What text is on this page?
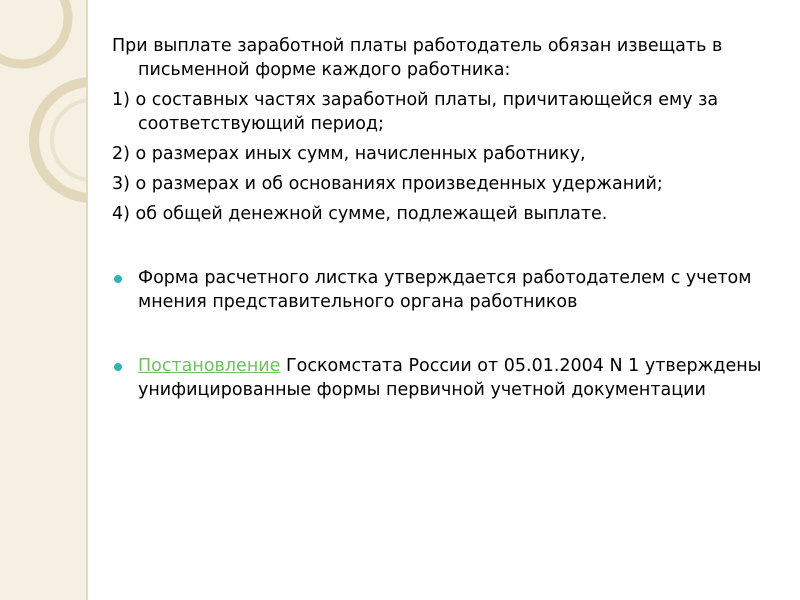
При выплате заработной платы работодатель обязан извещать в письменной форме каждого работника:

1) о составных частях заработной платы, причитающейся ему за соответствующий период;

2) о размерах иных сумм, начисленных работнику,

3) о размерах и об основаниях произведенных удержаний;

4) об общей денежной сумме, подлежащей выплате.

Форма расчетного листка утверждается работодателем с учетом мнения представительного органа работников
Постановление Госкомстата России от 05.01.2004 N 1 утверждены унифицированные формы первичной учетной документации
